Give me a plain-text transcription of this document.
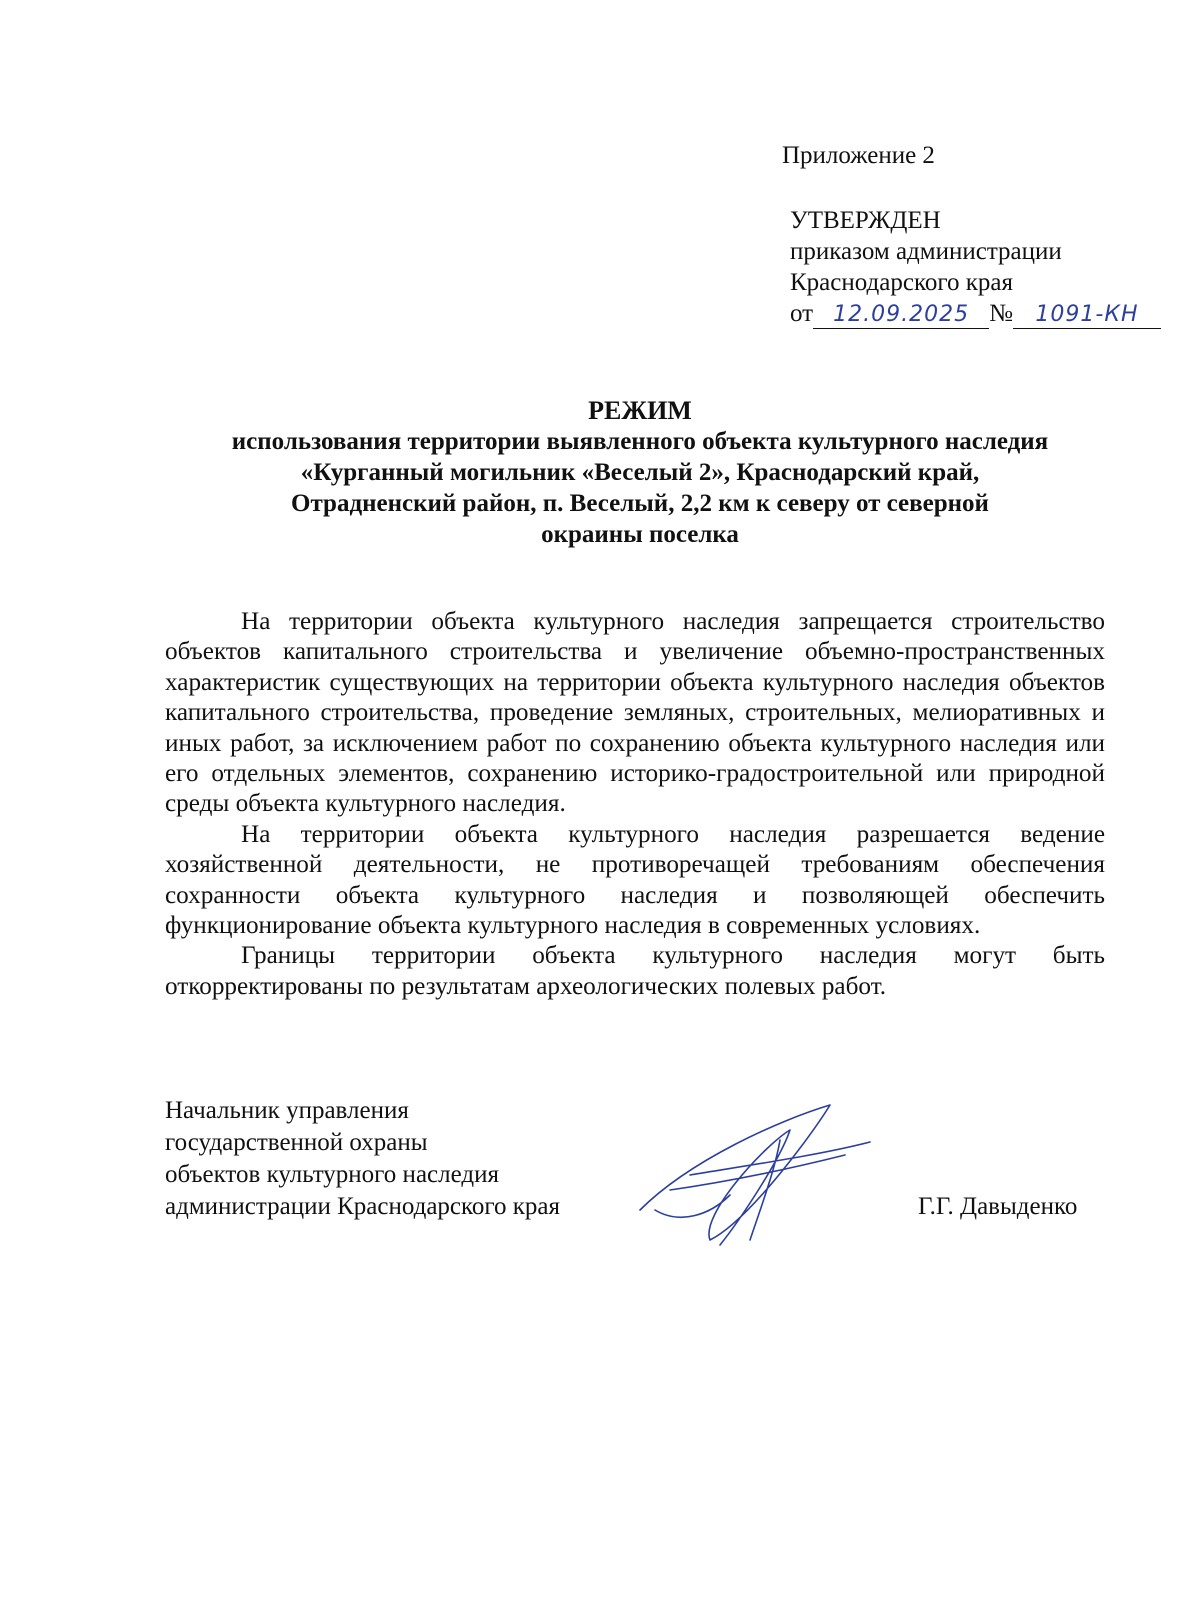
Приложение 2
УТВЕРЖДЕН
приказом администрации
Краснодарского края
от 12.09.2025 № 1091-КН
РЕЖИМ
использования территории выявленного объекта культурного наследия
«Курганный могильник «Веселый 2», Краснодарский край,
Отрадненский район, п. Веселый, 2,2 км к северу от северной
окраины поселка

На территории объекта культурного наследия запрещается строительство объектов капитального строительства и увеличение объемно-пространственных характеристик существующих на территории объекта культурного наследия объектов капитального строительства, проведение земляных, строительных, мелиоративных и иных работ, за исключением работ по сохранению объекта культурного наследия или его отдельных элементов, сохранению историко-градостроительной или природной среды объекта культурного наследия.

На территории объекта культурного наследия разрешается ведение хозяйственной деятельности, не противоречащей требованиям обеспечения сохранности объекта культурного наследия и позволяющей обеспечить функционирование объекта культурного наследия в современных условиях.

Границы территории объекта культурного наследия могут быть откорректированы по результатам археологических полевых работ.

Начальник управления
государственной охраны
объектов культурного наследия
администрации Краснодарского края	Г.Г. Давыденко
